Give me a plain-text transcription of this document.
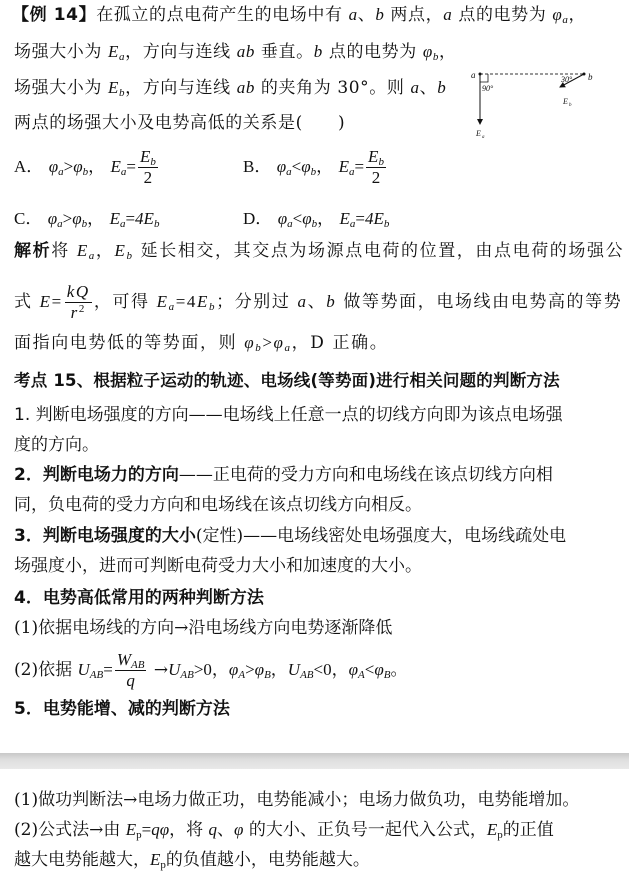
【例 14】在孤立的点电荷产生的电场中有 a、b 两点，a 点的电势为 $\varphi_a$，
场强大小为 $E_a$，方向与连线 ab 垂直。b 点的电势为 $\varphi_b$，
场强大小为 $E_b$，方向与连线 ab 的夹角为 30°。则 a、b
两点的场强大小及电势高低的关系是(　　)
a	b
90°
E a
30°
E b
A． $\varphi_a>\varphi_b$， $E_a= \frac{E_b}{2}$	B． $\varphi_a<\varphi_b$， $E_a= \frac{E_b}{2}$
C． $\varphi_a>\varphi_b$， $E_a=4E_b$	D． $\varphi_a<\varphi_b$， $E_a=4E_b$
解析将 $E_a$，$E_b$ 延长相交，其交点为场源点电荷的位置，由点电荷的场强公
式 $E= \frac{kQ}{r^2}$ ，可得 $E_a=4E_b$；分别过 a、b 做等势面，电场线由电势高的等势
面指向电势低的等势面，则 $\varphi_b>\varphi_a$，D 正确。
考点 15、根据粒子运动的轨迹、电场线(等势面)进行相关问题的判断方法
1. 判断电场强度的方向——电场线上任意一点的切线方向即为该点电场强
度的方向。
2．判断电场力的方向——正电荷的受力方向和电场线在该点切线方向相
同，负电荷的受力方向和电场线在该点切线方向相反。
3．判断电场强度的大小(定性)——电场线密处电场强度大，电场线疏处电
场强度小，进而可判断电荷受力大小和加速度的大小。
4．电势高低常用的两种判断方法
(1)依据电场线的方向→沿电场线方向电势逐渐降低
(2)依据 $U_{AB}= \frac{W_{AB}}{q} \to U_{AB}>0$，$\varphi_A>\varphi_B$，$U_{AB}<0$，$\varphi_A<\varphi_B$。
5．电势能增、减的判断方法
(1)做功判断法→电场力做正功，电势能减小；电场力做负功，电势能增加。
(2)公式法→由 $E_p=q\varphi$，将 q、φ 的大小、正负号一起代入公式，$E_p$的正值
越大电势能越大，$E_p$的负值越小，电势能越大。
